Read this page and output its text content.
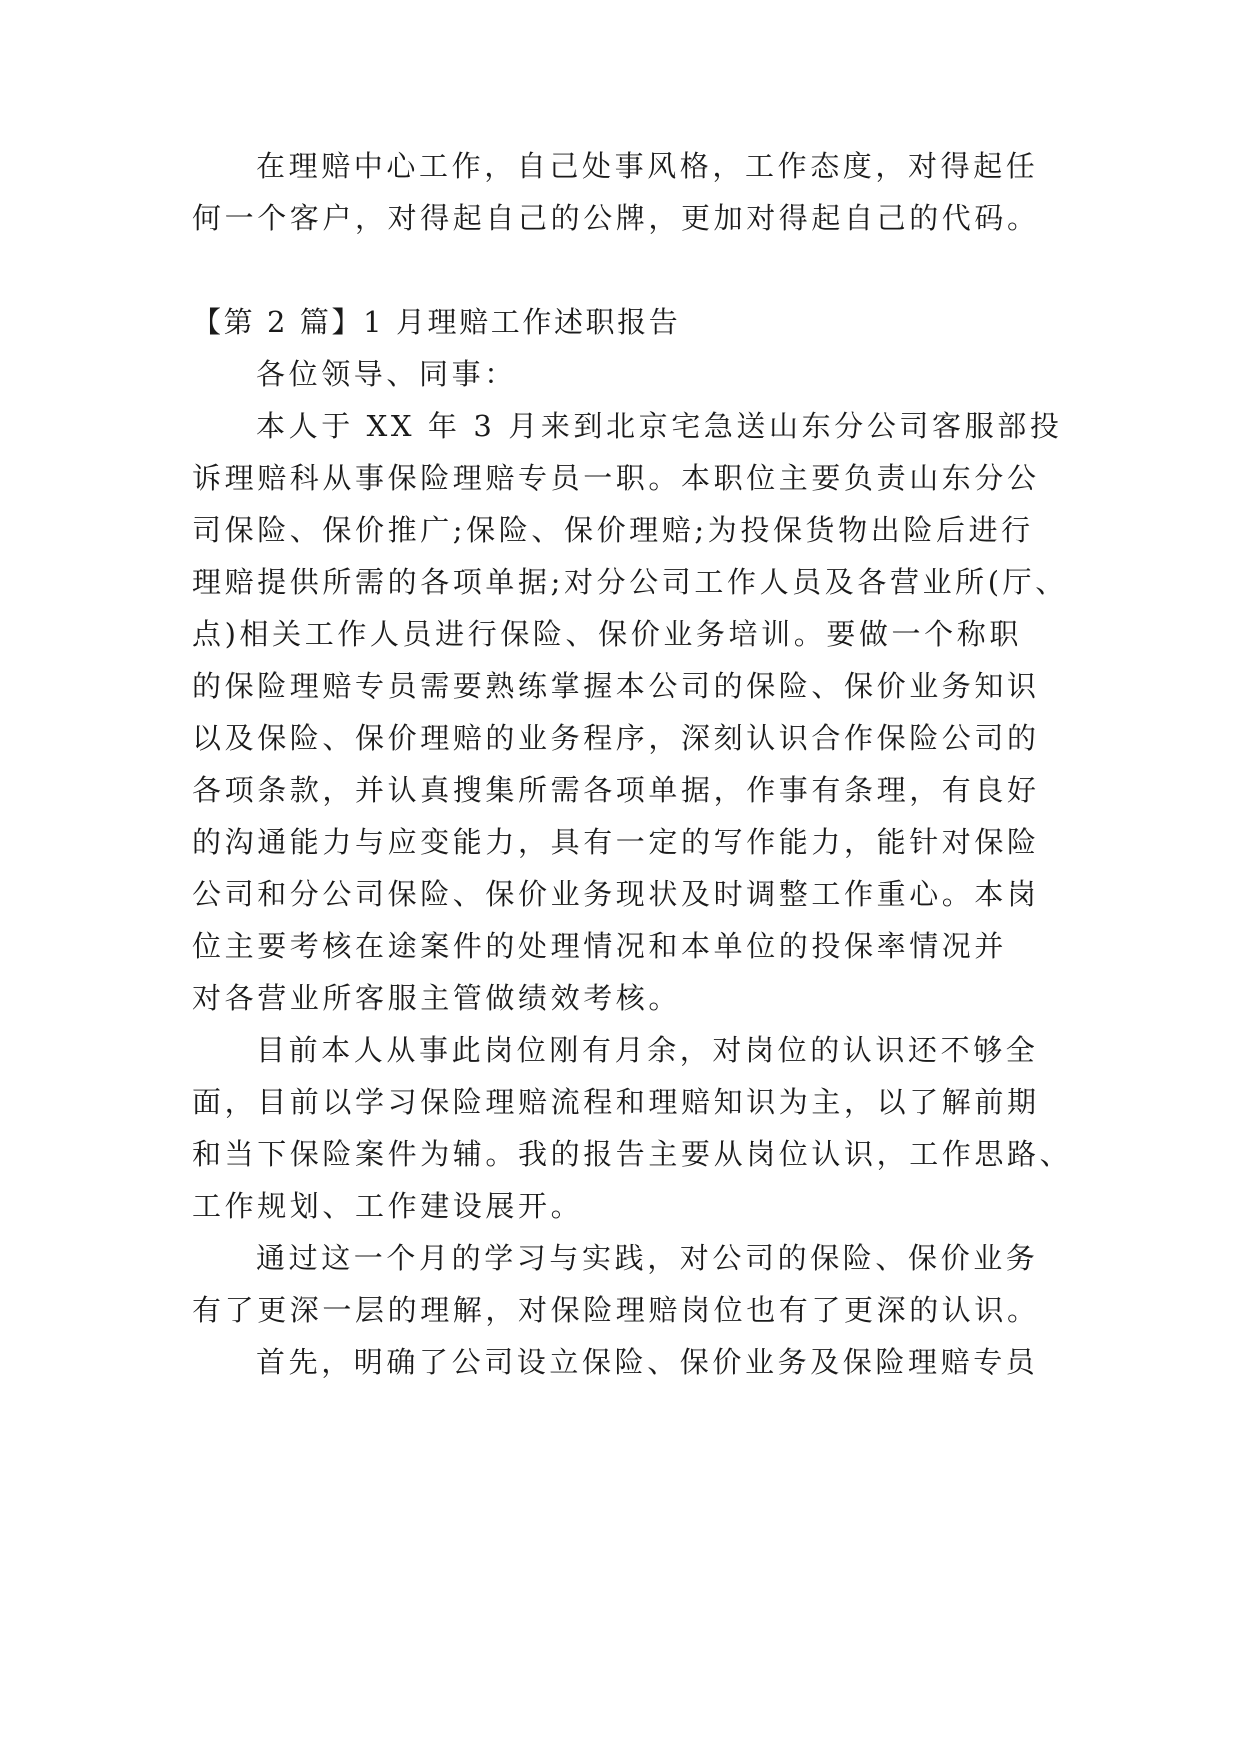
在理赔中心工作，自己处事风格，工作态度，对得起任
何一个客户，对得起自己的公牌，更加对得起自己的代码。
【第 2 篇】1 月理赔工作述职报告
各位领导、同事：
本人于 XX 年 3 月来到北京宅急送山东分公司客服部投
诉理赔科从事保险理赔专员一职。本职位主要负责山东分公
司保险、保价推广;保险、保价理赔;为投保货物出险后进行
理赔提供所需的各项单据;对分公司工作人员及各营业所(厅、
点)相关工作人员进行保险、保价业务培训。要做一个称职
的保险理赔专员需要熟练掌握本公司的保险、保价业务知识
以及保险、保价理赔的业务程序，深刻认识合作保险公司的
各项条款，并认真搜集所需各项单据，作事有条理，有良好
的沟通能力与应变能力，具有一定的写作能力，能针对保险
公司和分公司保险、保价业务现状及时调整工作重心。本岗
位主要考核在途案件的处理情况和本单位的投保率情况并
对各营业所客服主管做绩效考核。
目前本人从事此岗位刚有月余，对岗位的认识还不够全
面，目前以学习保险理赔流程和理赔知识为主，以了解前期
和当下保险案件为辅。我的报告主要从岗位认识，工作思路、
工作规划、工作建设展开。
通过这一个月的学习与实践，对公司的保险、保价业务
有了更深一层的理解，对保险理赔岗位也有了更深的认识。
首先，明确了公司设立保险、保价业务及保险理赔专员
